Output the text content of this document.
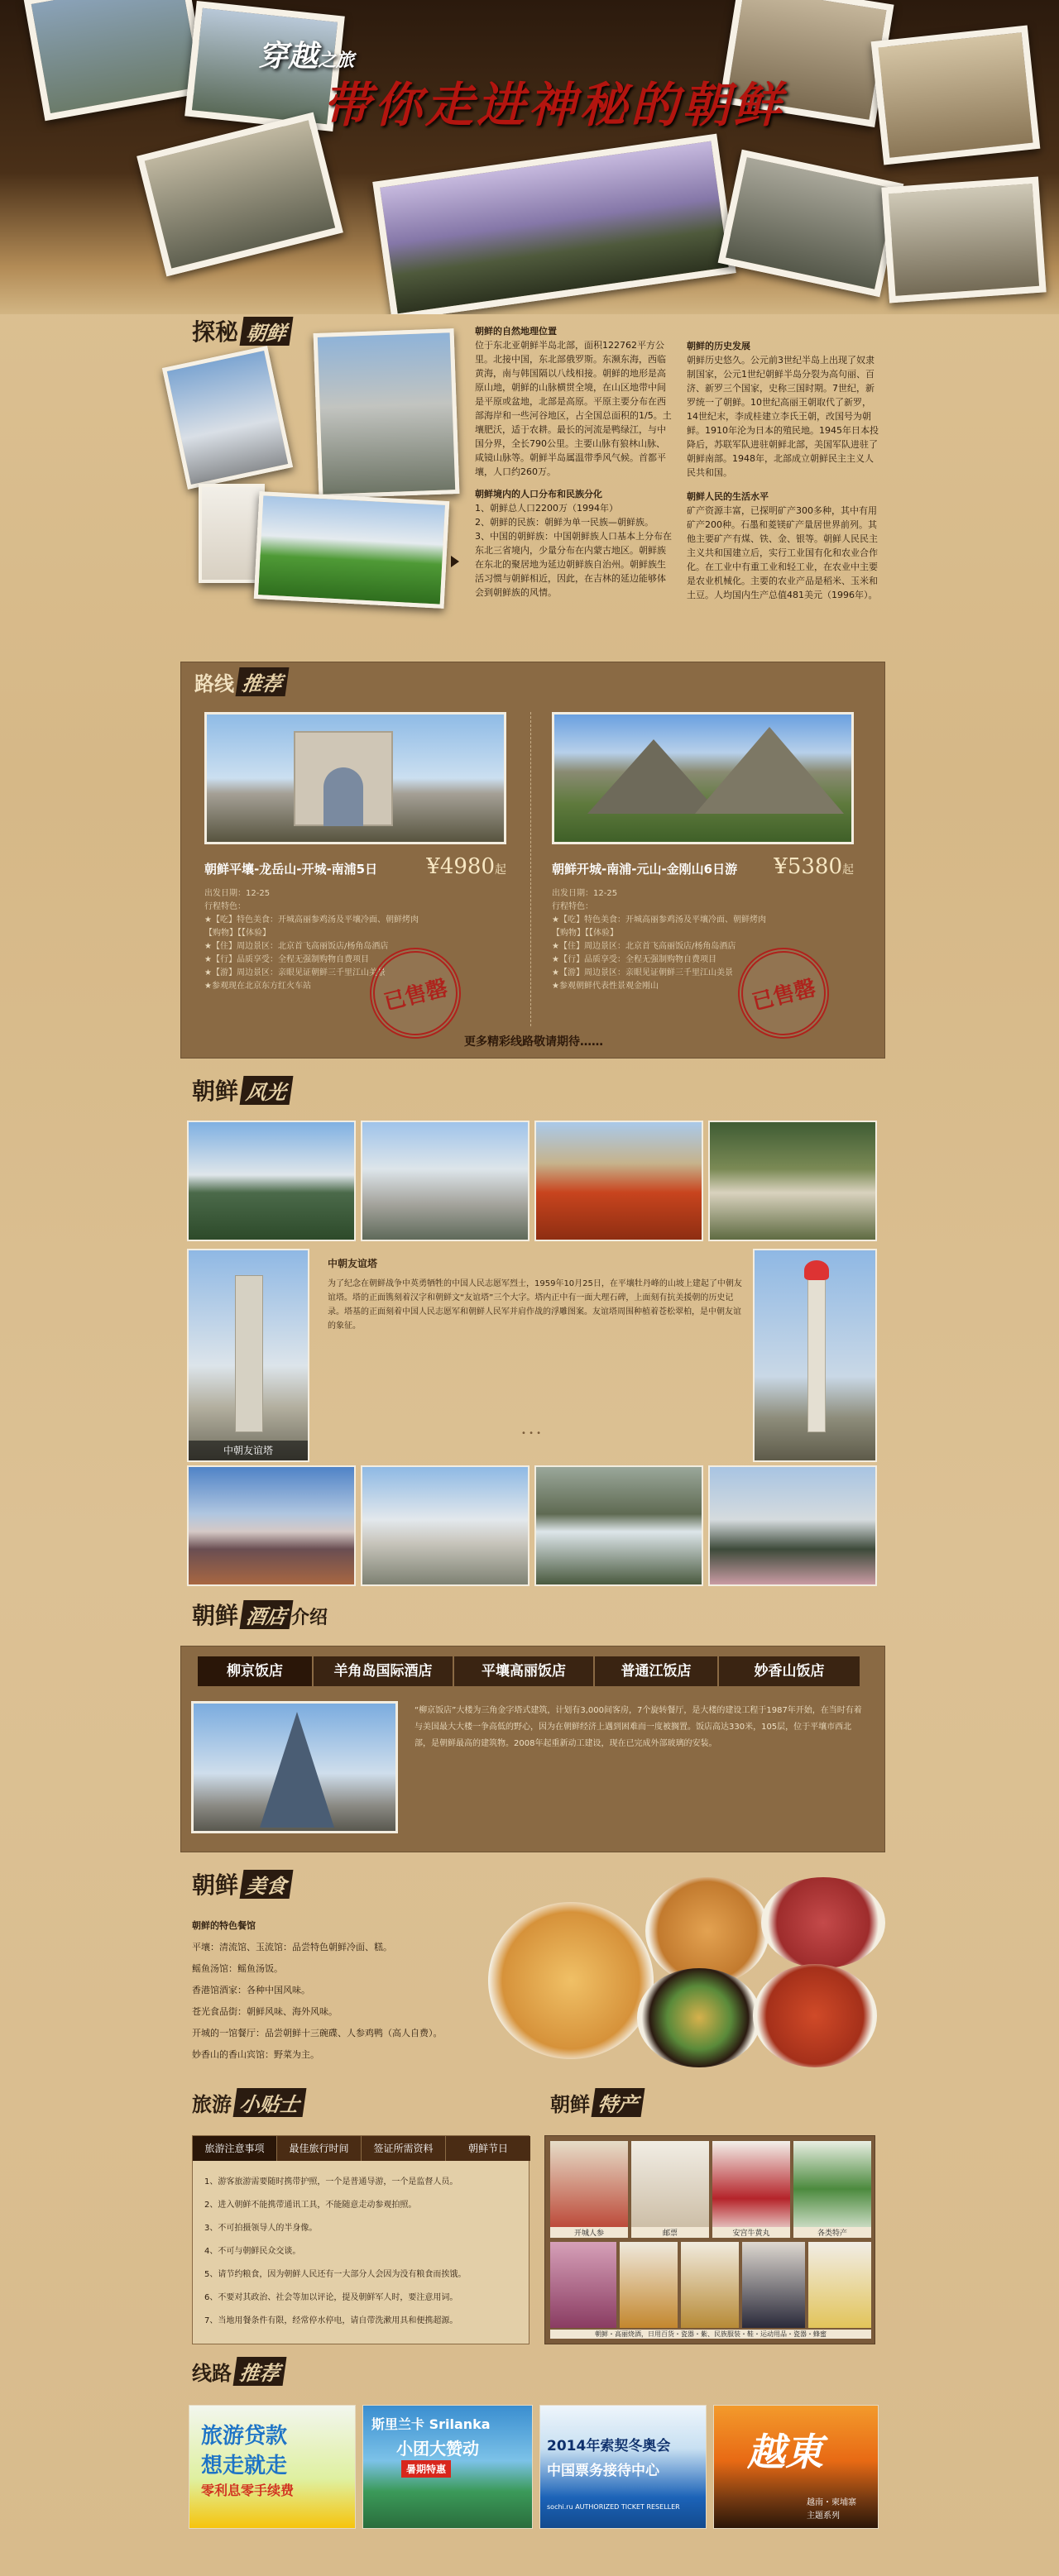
穿越之旅
带你走进神秘的朝鲜
探秘 朝鲜	朝鲜的自然地理位置

位于东北亚朝鲜半岛北部，面积122762平方公里。北接中国，东北部俄罗斯。东濒东海，西临黄海，南与韩国隔以八线相接。朝鲜的地形是高原山地，朝鲜的山脉横贯全境，在山区地带中间是平原或盆地，北部是高原。平原主要分布在西部海岸和一些河谷地区，占全国总面积的1/5。土壤肥沃，适于农耕。最长的河流是鸭绿江，与中国分界，全长790公里。主要山脉有狼林山脉、咸镜山脉等。朝鲜半岛属温带季风气候。首都平壤，人口约260万。

朝鲜境内的人口分布和民族分化

1、朝鲜总人口2200万（1994年）

2、朝鲜的民族：朝鲜为单一民族—朝鲜族。

3、中国的朝鲜族：中国朝鲜族人口基本上分布在东北三省境内，少量分布在内蒙古地区。朝鲜族在东北的聚居地为延边朝鲜族自治州。朝鲜族生活习惯与朝鲜相近，因此，在吉林的延边能够体会到朝鲜族的风情。

朝鲜的历史发展

朝鲜历史悠久。公元前3世纪半岛上出现了奴隶制国家，公元1世纪朝鲜半岛分裂为高句丽、百济、新罗三个国家，史称三国时期。7世纪，新罗统一了朝鲜。10世纪高丽王朝取代了新罗，14世纪末，李成桂建立李氏王朝，改国号为朝鲜。1910年沦为日本的殖民地。1945年日本投降后，苏联军队进驻朝鲜北部，美国军队进驻了朝鲜南部。1948年，北部成立朝鲜民主主义人民共和国。

朝鲜人民的生活水平

矿产资源丰富，已探明矿产300多种，其中有用矿产200种。石墨和菱镁矿产量居世界前列。其他主要矿产有煤、铁、金、银等。朝鲜人民民主主义共和国建立后，实行工业国有化和农业合作化。在工业中有重工业和轻工业，在农业中主要是农业机械化。主要的农业产品是稻米、玉米和土豆。人均国内生产总值481美元（1996年）。

路线 推荐
朝鲜平壤-龙岳山-开城-南浦5日 ¥4980起

出发日期：12-25

行程特色：

★【吃】特色美食：开城高丽参鸡汤及平壤冷面、朝鲜烤肉

【购物】【【体验】

★【住】周边景区：北京首飞高丽饭店/杨角岛酒店

★【行】品质享受：全程无强制购物自费项目

★【游】周边景区：亲眼见证朝鲜三千里江山美景

★参观现在北京东方红火车站	已售罄
朝鲜开城-南浦-元山-金刚山6日游 ¥5380起

出发日期：12-25

行程特色：

★【吃】特色美食：开城高丽参鸡汤及平壤冷面、朝鲜烤肉

【购物】【【体验】

★【住】周边景区：北京首飞高丽饭店/杨角岛酒店

★【行】品质享受：全程无强制购物自费项目

★【游】周边景区：亲眼见证朝鲜三千里江山美景

★参观朝鲜代表性景观金刚山	已售罄
更多精彩线路敬请期待……
朝鲜 风光
中朝友谊塔
中朝友谊塔

为了纪念在朝鲜战争中英勇牺牲的中国人民志愿军烈士，1959年10月25日，在平壤牡丹峰的山坡上建起了中朝友谊塔。塔的正面镌刻着汉字和朝鲜文“友谊塔”三个大字。塔内正中有一面大理石碑，上面刻有抗美援朝的历史记录。塔基的正面刻着中国人民志愿军和朝鲜人民军并肩作战的浮雕图案。友谊塔周围种植着苍松翠柏，是中朝友谊的象征。

• • •
朝鲜 酒店 介绍
柳京饭店	羊角岛国际酒店	平壤高丽饭店	普通江饭店	妙香山饭店

“柳京饭店”大楼为三角金字塔式建筑，计划有3,000间客房，7个旋转餐厅，是大楼的建设工程于1987年开始，在当时有着与美国最大大楼一争高低的野心，因为在朝鲜经济上遇到困难而一度被搁置。饭店高达330米，105层，位于平壤市西北部，是朝鲜最高的建筑物。2008年起重新动工建设，现在已完成外部玻璃的安装。

朝鲜 美食
朝鲜的特色餐馆

平壤：清流馆、玉流馆：品尝特色朝鲜冷面、糕。

鳐鱼汤馆：鳐鱼汤饭。

香港馆酒家：各种中国风味。

苍光食品街：朝鲜风味、海外风味。

开城的一馆餐厅：品尝朝鲜十三碗碟、人参鸡鸭（高人自费）。

妙香山的香山宾馆：野菜为主。

旅游 小贴士
旅游注意事项	最佳旅行时间	签证所需资料	朝鲜节日

1、游客旅游需要随时携带护照，一个是普通导游，一个是监督人员。

2、进入朝鲜不能携带通讯工具，不能随意走动参观拍照。

3、不可拍摄领导人的半身像。

4、不可与朝鲜民众交谈。

5、请节约粮食，因为朝鲜人民还有一大部分人会因为没有粮食而挨饿。

6、不要对其政治、社会等加以评论，提及朝鲜军人时，要注意用词。

7、当地用餐条件有限，经常停水停电，请自带洗漱用具和便携超源。

朝鲜 特产
开城人参	邮票	安宫牛黄丸	各类特产
朝鲜・高丽烧酒，日用百货・瓷器・紫、民族服装・鞋・运动用品・瓷器・蜂蜜
线路 推荐

旅游贷款

想走就走

零利息零手续费

斯里兰卡 Srilanka

小团大赞动

暑期特惠

2014年索契冬奥会

中国票务接待中心

sochi.ru AUTHORIZED TICKET RESELLER

越東

越南・柬埔寨

主题系列
